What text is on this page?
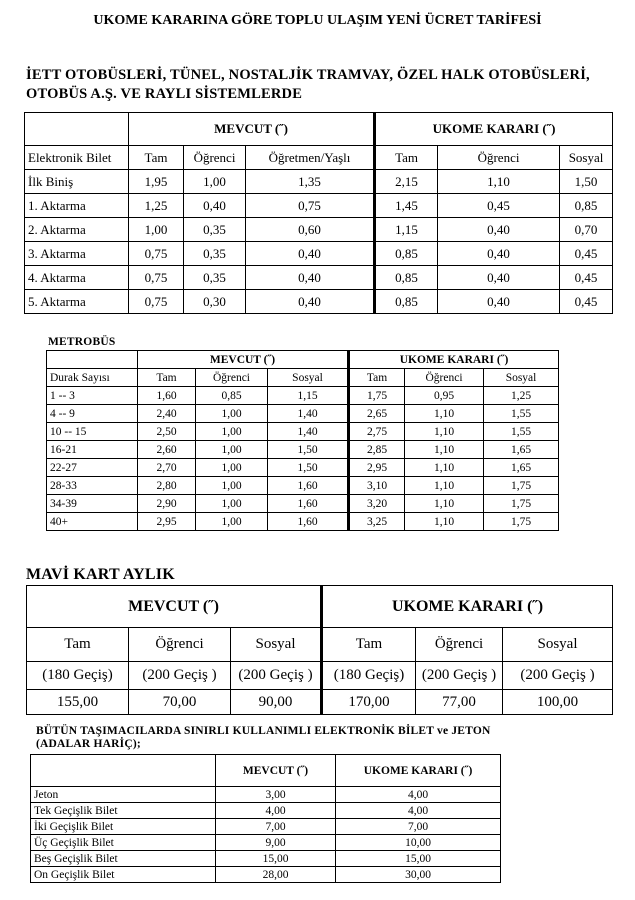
UKOME KARARINA GÖRE TOPLU ULAŞIM YENİ ÜCRET TARİFESİ
İETT OTOBÜSLERİ, TÜNEL, NOSTALJİK TRAMVAY, ÖZEL HALK OTOBÜSLERİ,
OTOBÜS A.Ş. VE RAYLI SİSTEMLERDE
	MEVCUT (˝)			UKOME KARARI (˝)		
Elektronik Bilet	Tam	Öğrenci	Öğretmen/Yaşlı	Tam	Öğrenci	Sosyal
İlk Biniş	1,95	1,00	1,35	2,15	1,10	1,50
1. Aktarma	1,25	0,40	0,75	1,45	0,45	0,85
2. Aktarma	1,00	0,35	0,60	1,15	0,40	0,70
3. Aktarma	0,75	0,35	0,40	0,85	0,40	0,45
4. Aktarma	0,75	0,35	0,40	0,85	0,40	0,45
5. Aktarma	0,75	0,30	0,40	0,85	0,40	0,45
METROBÜS
	MEVCUT (˝)			UKOME KARARI (˝)		
Durak Sayısı	Tam	Öğrenci	Sosyal	Tam	Öğrenci	Sosyal
1 -- 3	1,60	0,85	1,15	1,75	0,95	1,25
4 -- 9	2,40	1,00	1,40	2,65	1,10	1,55
10 -- 15	2,50	1,00	1,40	2,75	1,10	1,55
16-21	2,60	1,00	1,50	2,85	1,10	1,65
22-27	2,70	1,00	1,50	2,95	1,10	1,65
28-33	2,80	1,00	1,60	3,10	1,10	1,75
34-39	2,90	1,00	1,60	3,20	1,10	1,75
40+	2,95	1,00	1,60	3,25	1,10	1,75
MAVİ KART AYLIK
MEVCUT (˝)			UKOME KARARI (˝)		
Tam	Öğrenci	Sosyal	Tam	Öğrenci	Sosyal
(180 Geçiş)	(200 Geçiş )	(200 Geçiş )	(180 Geçiş)	(200 Geçiş )	(200 Geçiş )
155,00	70,00	90,00	170,00	77,00	100,00
BÜTÜN TAŞIMACILARDA SINIRLI KULLANIMLI ELEKTRONİK BİLET ve JETON
(ADALAR HARİÇ);
	MEVCUT (˝)	UKOME KARARI (˝)
Jeton	3,00	4,00
Tek Geçişlik Bilet	4,00	4,00
İki Geçişlik Bilet	7,00	7,00
Üç Geçişlik Bilet	9,00	10,00
Beş Geçişlik Bilet	15,00	15,00
On Geçişlik Bilet	28,00	30,00
